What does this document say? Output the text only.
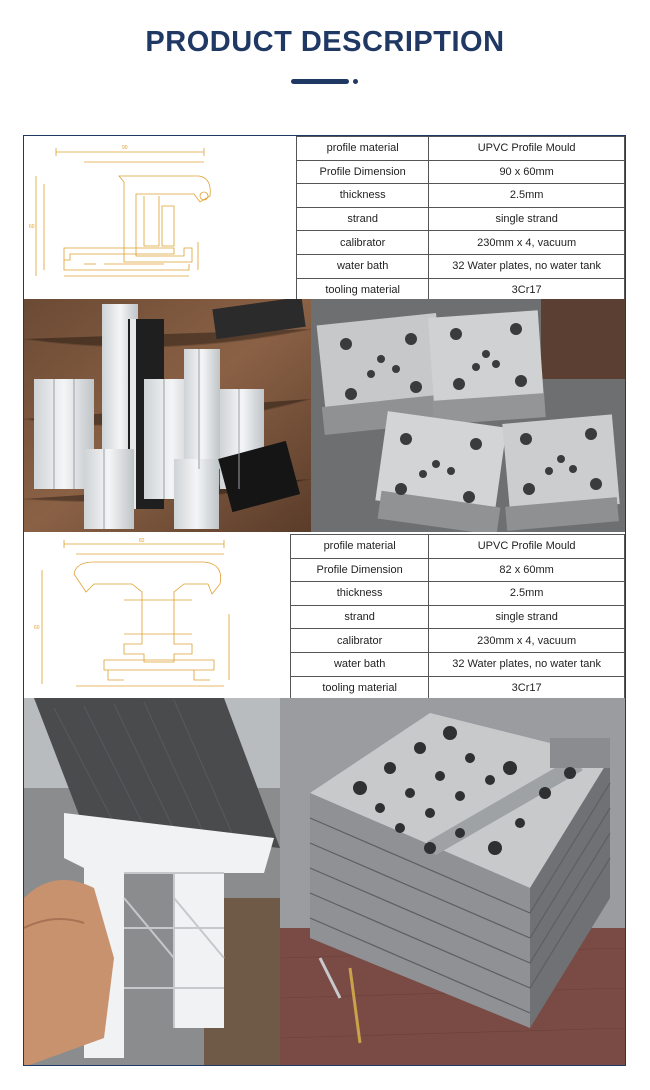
PRODUCT DESCRIPTION
90
60
profile material	UPVC Profile Mould
Profile Dimension	90 x 60mm
thickness	2.5mm
strand	single strand
calibrator	230mm x 4, vacuum
water bath	32 Water plates, no water tank
tooling material	3Cr17
82
60
profile material	UPVC Profile Mould
Profile Dimension	82 x 60mm
thickness	2.5mm
strand	single strand
calibrator	230mm x 4, vacuum
water bath	32 Water plates, no water tank
tooling material	3Cr17
